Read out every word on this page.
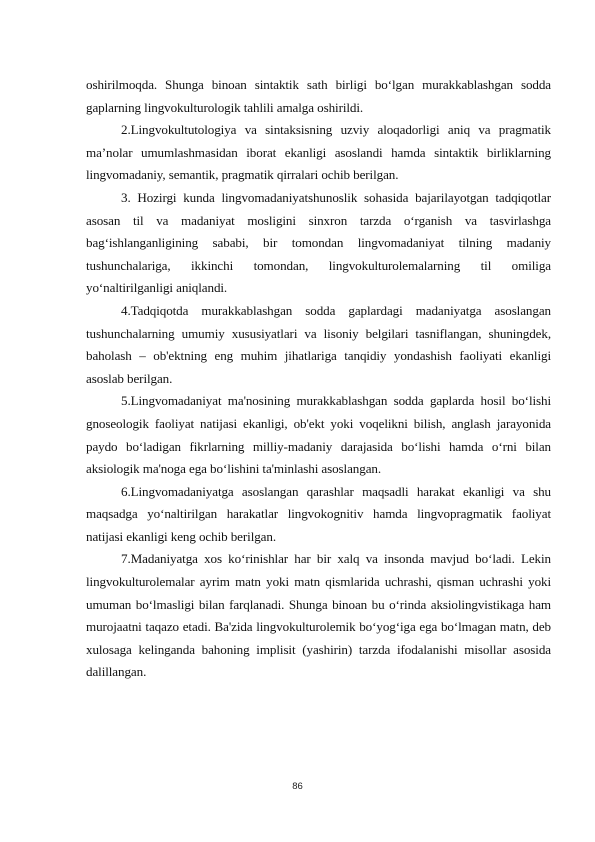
oshirilmoqda. Shunga binoan sintaktik sath birligi bo‘lgan murakkablashgan sodda gaplarning lingvokulturologik tahlili amalga oshirildi.

2.Lingvokultutologiya va sintaksisning uzviy aloqadorligi aniq va pragmatik ma’nolar umumlashmasidan iborat ekanligi asoslandi hamda sintaktik birliklarning lingvomadaniy, semantik, pragmatik qirralari ochib berilgan.

3. Hozirgi kunda lingvomadaniyatshunoslik sohasida bajarilayotgan tadqiqotlar asosan til va madaniyat mosligini sinxron tarzda o‘rganish va tasvirlashga bag‘ishlanganligining sababi, bir tomondan lingvomadaniyat tilning madaniy tushunchalariga, ikkinchi tomondan, lingvokulturolemalarning til omiliga yo‘naltirilganligi aniqlandi.

4.Tadqiqotda murakkablashgan sodda gaplardagi madaniyatga asoslangan tushunchalarning umumiy xususiyatlari va lisoniy belgilari tasniflangan, shuningdek, baholash – ob'ektning eng muhim jihatlariga tanqidiy yondashish faoliyati ekanligi asoslab berilgan.

5.Lingvomadaniyat ma'nosining murakkablashgan sodda gaplarda hosil bo‘lishi gnoseologik faoliyat natijasi ekanligi, ob'ekt yoki voqelikni bilish, anglash jarayonida paydo bo‘ladigan fikrlarning milliy-madaniy darajasida bo‘lishi hamda o‘rni bilan aksiologik ma'noga ega bo‘lishini ta'minlashi asoslangan.

6.Lingvomadaniyatga asoslangan qarashlar maqsadli harakat ekanligi va shu maqsadga yo‘naltirilgan harakatlar lingvokognitiv hamda lingvopragmatik faoliyat natijasi ekanligi keng ochib berilgan.

7.Madaniyatga xos ko‘rinishlar har bir xalq va insonda mavjud bo‘ladi. Lekin lingvokulturolemalar ayrim matn yoki matn qismlarida uchrashi, qisman uchrashi yoki umuman bo‘lmasligi bilan farqlanadi. Shunga binoan bu o‘rinda aksiolingvistikaga ham murojaatni taqazo etadi. Ba'zida lingvokulturolemik bo‘yog‘iga ega bo‘lmagan matn, deb xulosaga kelinganda bahoning implisit (yashirin) tarzda ifodalanishi misollar asosida dalillangan.

86
